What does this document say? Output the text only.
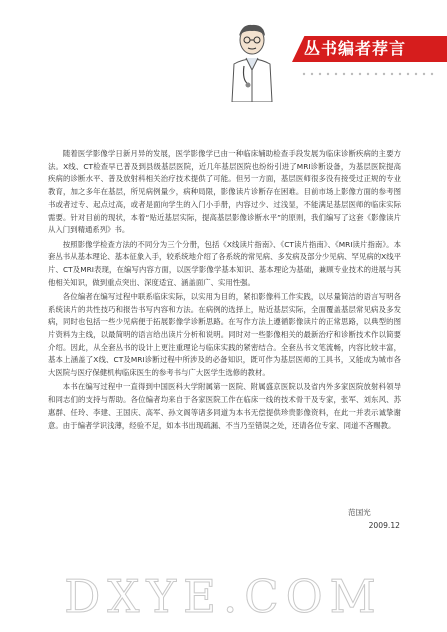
丛书编者荐言

随着医学影像学日新月异的发展，医学影像学已由一种临床辅助检查手段发展为临床诊断疾病的主要方法。X线、CT检查早已普及到县级基层医院，近几年基层医院也纷纷引进了MRI诊断设备，为基层医院提高疾病的诊断水平、普及放射科相关治疗技术提供了可能。但另一方面，基层医师很多没有接受过正规的专业教育，加之多年在基层，所见病例量少，病种局限，影像读片诊断存在困难。目前市场上影像方面的参考图书或者过专、起点过高，或者是面向学生的入门小手册，内容过少、过浅显，不能满足基层医师的临床实际需要。针对目前的现状，本着“贴近基层实际，提高基层影像诊断水平”的原则，我们编写了这套《影像读片从入门到精通系列》书。

按照影像学检查方法的不同分为三个分册，包括《X线读片指南》、《CT读片指南》、《MRI读片指南》。本套丛书从基本理论、基本征象入手，较系统地介绍了各系统的常见病、多发病及部分少见病、罕见病的X线平片、CT及MRI表现，在编写内容方面，以医学影像学基本知识、基本理论为基础，兼顾专业技术的进展与其他相关知识，做到重点突出、深度适宜、涵盖面广、实用性强。

各位编者在编写过程中联系临床实际，以实用为目的，紧扣影像科工作实践，以尽量简洁的语言写明各系统读片的共性技巧和报告书写内容和方法。在病例的选择上，贴近基层实际，全面覆盖基层常见病及多发病，同时也包括一些少见病便于拓展影像学诊断思路。在写作方法上遵循影像读片的正常思路，以典型的图片资料为主线，以最简明的语言给出读片分析和说明。同时对一些影像相关的最新治疗和诊断技术作以简要介绍。因此，从全套丛书的设计上更注重理论与临床实践的紧密结合。全套丛书文笔流畅，内容比较丰富，基本上涵盖了X线、CT及MRI诊断过程中所涉及的必备知识，既可作为基层医师的工具书，又能成为城市各大医院与医疗保健机构临床医生的参考书与广大医学生选修的教材。

本书在编写过程中一直得到中国医科大学附属第一医院、附属盛京医院以及省内外多家医院放射科领导和同志们的支持与帮助。各位编者均来自于各家医院工作在临床一线的技术骨干及专家，张军、刘东风、苏惠群、任玲、李建、王国庆、高军、孙文阁等诸多同道为本书无偿提供珍贵影像资料，在此一并表示诚挚谢意。由于编者学识浅薄，经验不足，如本书出现疏漏、不当乃至错误之处，还请各位专家、同道不吝赐教。

范国光
2009.12
DXYE.COM
